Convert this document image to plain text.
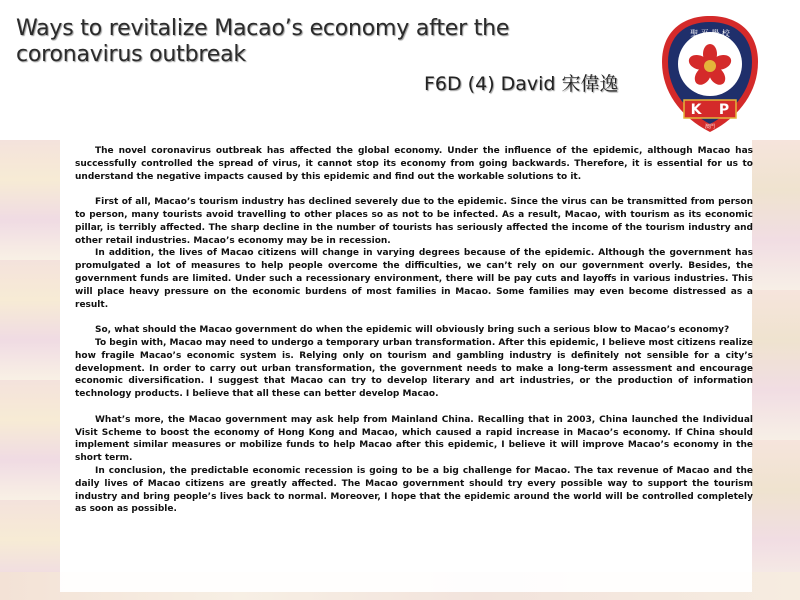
Ways to revitalize Macao’s economy after the coronavirus outbreak
F6D (4) David 宋偉逸
K P
聖 平 學 校
澳門

The novel coronavirus outbreak has affected the global economy. Under the influence of the epidemic, although Macao has successfully controlled the spread of virus, it cannot stop its economy from going backwards. Therefore, it is essential for us to understand the negative impacts caused by this epidemic and find out the workable solutions to it.

First of all, Macao’s tourism industry has declined severely due to the epidemic. Since the virus can be transmitted from person to person, many tourists avoid travelling to other places so as not to be infected. As a result, Macao, with tourism as its economic pillar, is terribly affected. The sharp decline in the number of tourists has seriously affected the income of the tourism industry and other retail industries. Macao’s economy may be in recession.

In addition, the lives of Macao citizens will change in varying degrees because of the epidemic. Although the government has promulgated a lot of measures to help people overcome the difficulties, we can’t rely on our government overly. Besides, the government funds are limited. Under such a recessionary environment, there will be pay cuts and layoffs in various industries. This will place heavy pressure on the economic burdens of most families in Macao. Some families may even become distressed as a result.

So, what should the Macao government do when the epidemic will obviously bring such a serious blow to Macao’s economy?

To begin with, Macao may need to undergo a temporary urban transformation. After this epidemic, I believe most citizens realize how fragile Macao’s economic system is. Relying only on tourism and gambling industry is definitely not sensible for a city’s development. In order to carry out urban transformation, the government needs to make a long-term assessment and encourage economic diversification. I suggest that Macao can try to develop literary and art industries, or the production of information technology products. I believe that all these can better develop Macao.

What’s more, the Macao government may ask help from Mainland China. Recalling that in 2003, China launched the Individual Visit Scheme to boost the economy of Hong Kong and Macao, which caused a rapid increase in Macao’s economy. If China should implement similar measures or mobilize funds to help Macao after this epidemic, I believe it will improve Macao’s economy in the short term.

In conclusion, the predictable economic recession is going to be a big challenge for Macao. The tax revenue of Macao and the daily lives of Macao citizens are greatly affected. The Macao government should try every possible way to support the tourism industry and bring people’s lives back to normal. Moreover, I hope that the epidemic around the world will be controlled completely as soon as possible.
